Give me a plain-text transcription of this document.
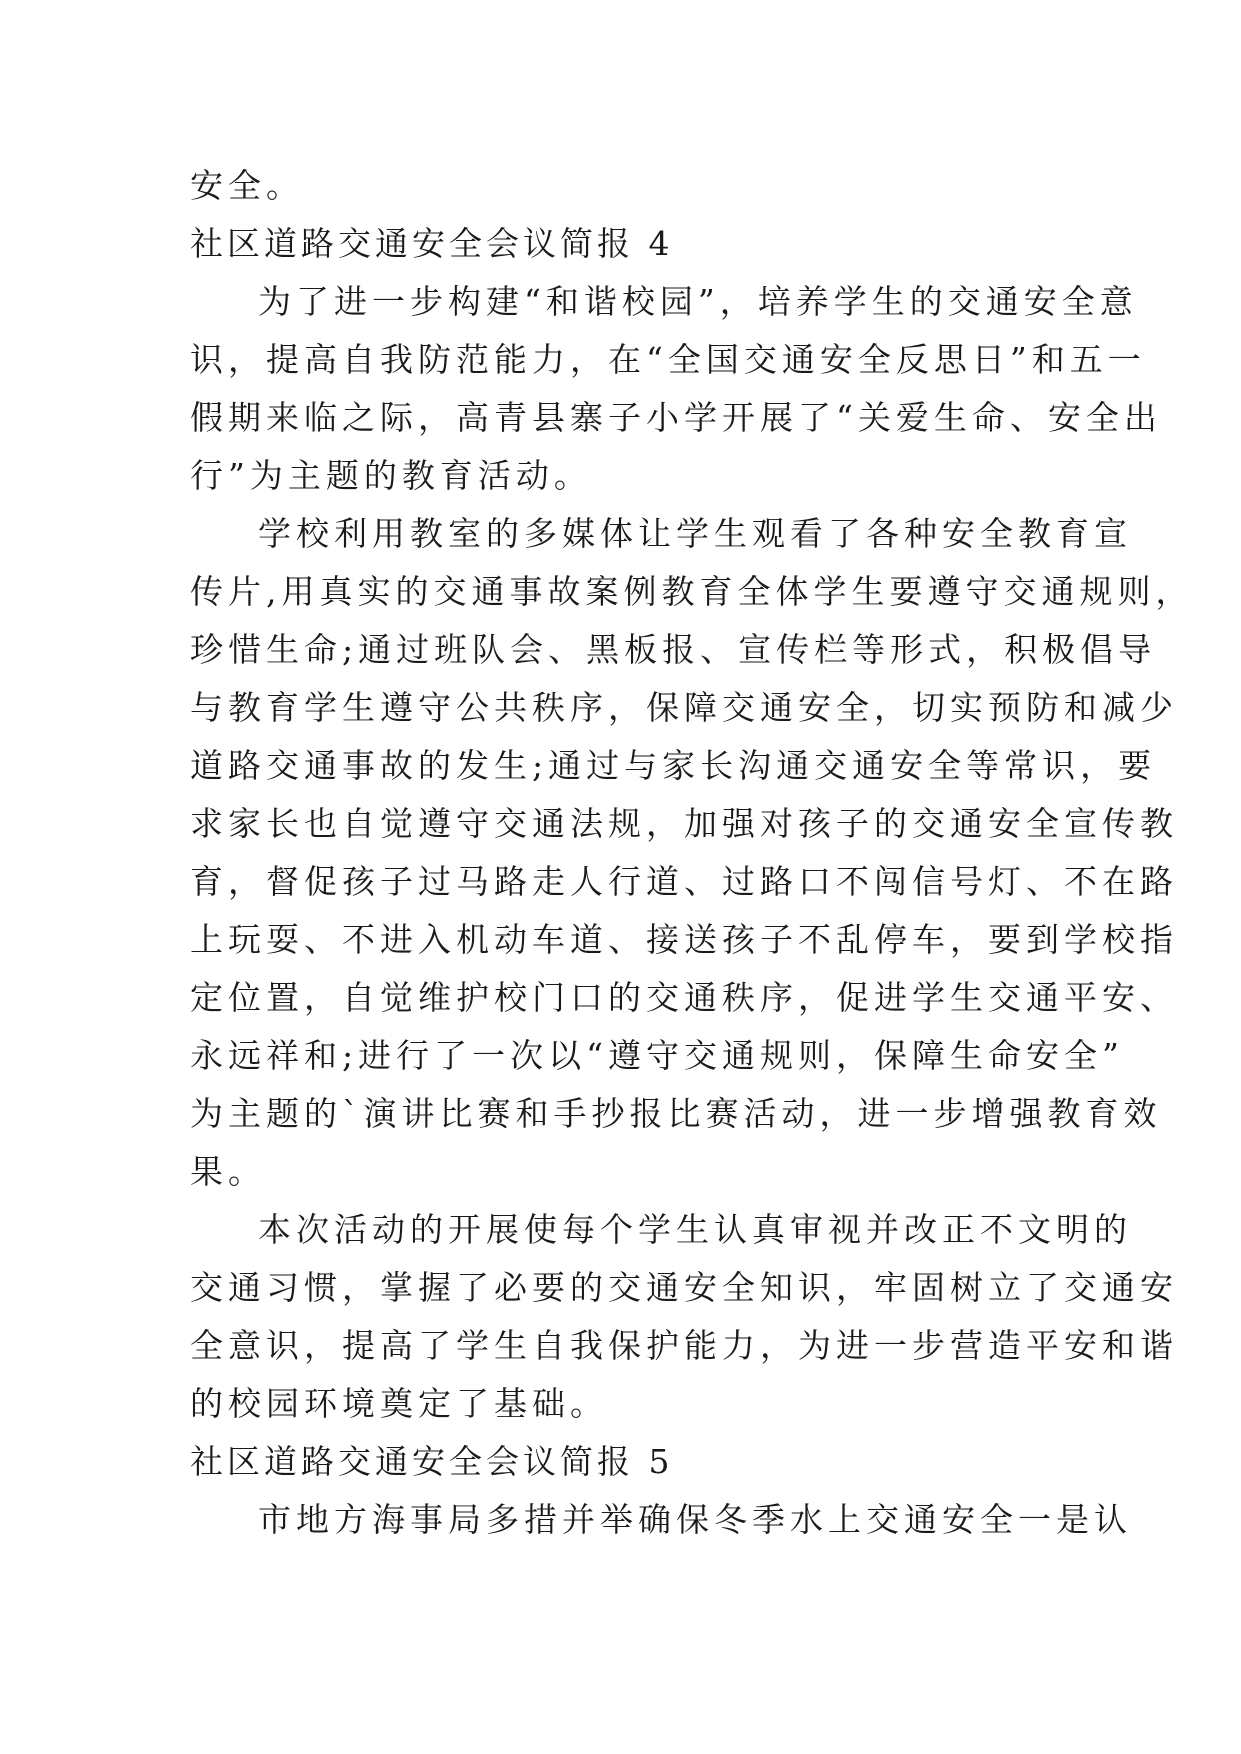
安全。
社区道路交通安全会议简报 4
为了进一步构建“和谐校园”，培养学生的交通安全意
识，提高自我防范能力，在“全国交通安全反思日”和五一
假期来临之际，高青县寨子小学开展了“关爱生命、安全出
行”为主题的教育活动。
学校利用教室的多媒体让学生观看了各种安全教育宣
传片,用真实的交通事故案例教育全体学生要遵守交通规则，
珍惜生命;通过班队会、黑板报、宣传栏等形式，积极倡导
与教育学生遵守公共秩序，保障交通安全，切实预防和减少
道路交通事故的发生;通过与家长沟通交通安全等常识，要
求家长也自觉遵守交通法规，加强对孩子的交通安全宣传教
育，督促孩子过马路走人行道、过路口不闯信号灯、不在路
上玩耍、不进入机动车道、接送孩子不乱停车，要到学校指
定位置，自觉维护校门口的交通秩序，促进学生交通平安、
永远祥和;进行了一次以“遵守交通规则，保障生命安全”
为主题的`演讲比赛和手抄报比赛活动，进一步增强教育效
果。
本次活动的开展使每个学生认真审视并改正不文明的
交通习惯，掌握了必要的交通安全知识，牢固树立了交通安
全意识，提高了学生自我保护能力，为进一步营造平安和谐
的校园环境奠定了基础。
社区道路交通安全会议简报 5
市地方海事局多措并举确保冬季水上交通安全一是认
